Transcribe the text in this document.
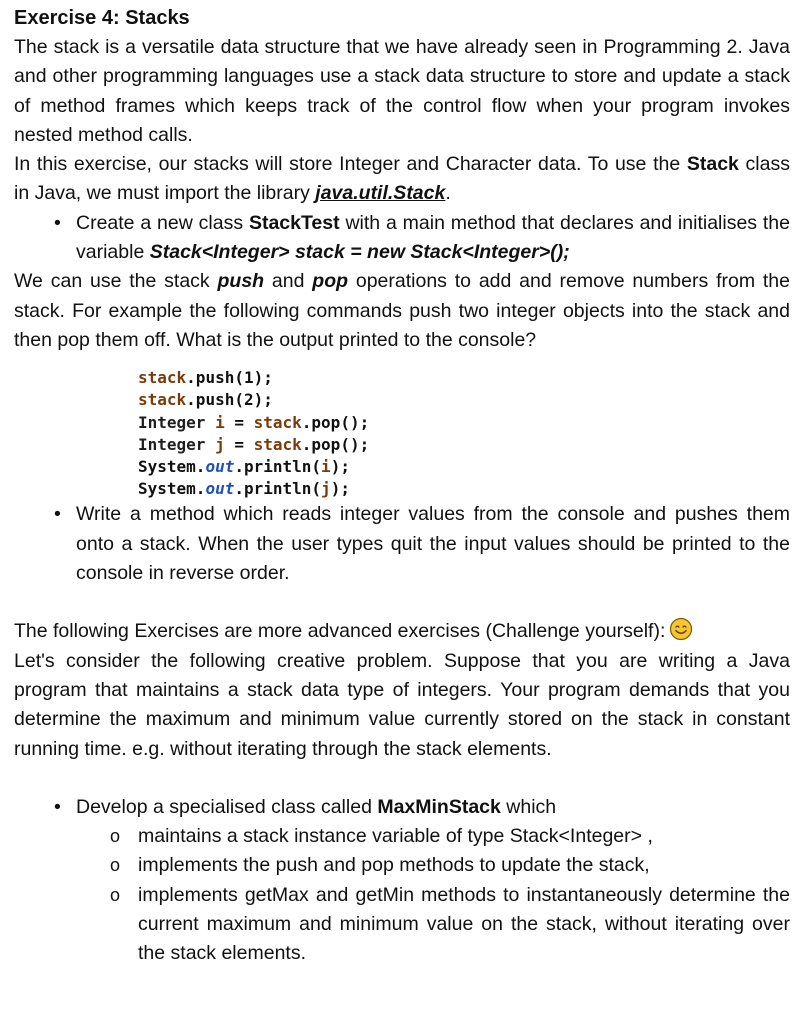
Exercise 4: Stacks

The stack is a versatile data structure that we have already seen in Programming 2. Java and other programming languages use a stack data structure to store and update a stack of method frames which keeps track of the control flow when your program invokes nested method calls.

In this exercise, our stacks will store Integer and Character data. To use the Stack class in Java, we must import the library java.util.Stack.

• Create a new class StackTest with a main method that declares and initialises the variable Stack<Integer> stack = new Stack<Integer>();

We can use the stack push and pop operations to add and remove numbers from the stack. For example the following commands push two integer objects into the stack and then pop them off. What is the output printed to the console?

stack.push(1);
stack.push(2);
Integer i = stack.pop();
Integer j = stack.pop();
System.out.println(i);
System.out.println(j);
• Write a method which reads integer values from the console and pushes them onto a stack. When the user types quit the input values should be printed to the console in reverse order.

The following Exercises are more advanced exercises (Challenge yourself):

Let's consider the following creative problem. Suppose that you are writing a Java program that maintains a stack data type of integers. Your program demands that you determine the maximum and minimum value currently stored on the stack in constant running time. e.g. without iterating through the stack elements.

• Develop a specialised class called MaxMinStack which

o maintains a stack instance variable of type Stack<Integer> ,

o implements the push and pop methods to update the stack,

o implements getMax and getMin methods to instantaneously determine the current maximum and minimum value on the stack, without iterating over the stack elements.
